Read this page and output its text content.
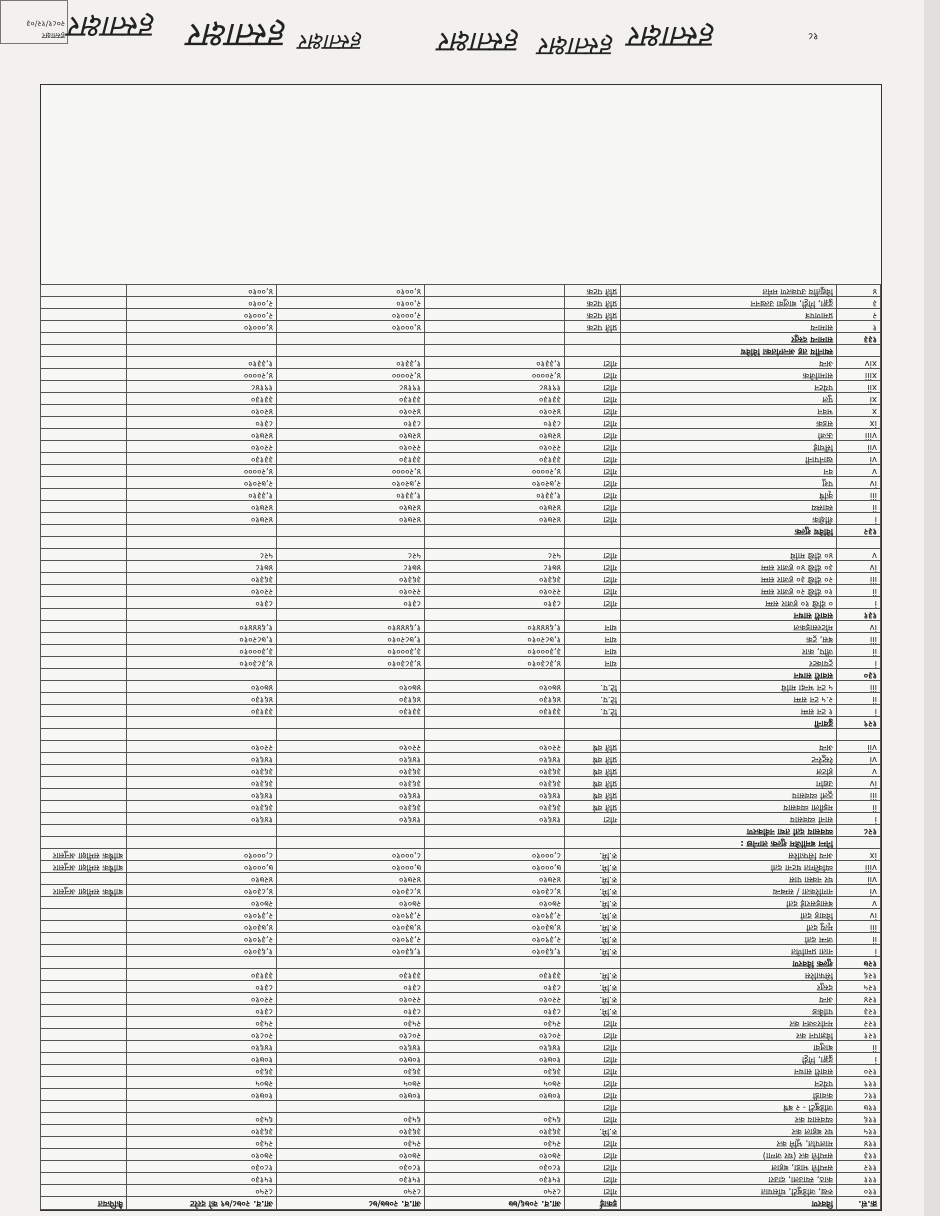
हस्ताक्षर २०८१/१२/०३ हस्ताक्षर हस्ताक्षर हस्ताक्षर	हस्ताक्षर हस्ताक्षर हस्ताक्षर	१८
क्र.सं.	विवरण	इकाई	आ.व. २०७६/७७	आ.व. २०७७/७८	आ.व. २०७८/७९ को दररेट	कैफियत
११०	रुख, जडिबुटी, घाँसपात	गोटा	८२५०	८२५०	८२५०	
१११	काठ, स्याउला, दाउरा	गोटा	१५१३०	१५१३०	१५१३०	
११२	सम्पत्ति भाडा, बहाल	गोटा	१८०३०	१८०३०	१८०३०	
११३	सम्पत्ति कर (घर जग्गा)	गोटा	२७०१०	२७०१०	२७०१०	
११४	मालपोत, भूमि कर	गोटा	२५३०	२५३०	२५३०	
११५	घर बहाल कर	रु.मि.	३६३१०	३६३१०	३६३१०	
११६	व्यवसाय कर	गोटा	६५३०	६५३०	६५३०	
११७	जडिबुटी - २ बर्ष	गोटा				
११८	कवाडी	गोटा	१०७१०	१०७१०	१०७१०	
११९	पर्यटन	गोटा	२७०५	२७०५	२७०५	
१२०	सवारी साधन	गोटा	३६३०	३६३०	३६३०	
i	ढुङ्गा, गिट्टी	गोटा	१०७१०	१०७१०	१०७१०	
ii	बालुवा	गोटा	१४६१०	१४६१०	१४६१०	
१२१	विज्ञापन कर	गोटा	२०८१०	२०८१०	२०८१०	
१२२	मनोरञ्जन कर	गोटा	२५३०	२५३०	२५३०	
१२३	पार्किङ	रु.मि.	८३१०	८३१०	८३१०	
१२४	अन्य	रु.मि.	२२०१०	२२०१०	२२०१०	
१२५	दस्तुर	रु.मि.	८३१०	८३१०	८३१०	
१२६	सिफारिस	रु.मि.	३३१३०	३३१३०	३३१३०	
१२७	शुल्क विवरण					
i	नाता प्रमाणित	रु.मि.	१,६३०१०	१,६३०१०	१,६३०१०	
ii	जन्म दर्ता	रु.मि.	२,३९०१०	२,३९०१०	२,३९०१०	
iii	मृत्यु दर्ता	रु.मि.	४,७३०१०	४,७३०१०	४,७३०१०	
iv	विवाह दर्ता	रु.मि.	२,३९०१०	२,३९०१०	२,३९०१०	
v	बसाइसराई दर्ता	रु.मि.	२७०१०	२७०१०	२७०१०	
vi	नागरिकता / सम्बन्ध	रु.मि.	४,८३०१०	४,८३०१०	४,८३०१०	बार्षिक समीक्षा अनुसार
vii	घर नक्सा पास	रु.मि.	४२७१०	४२७१०	४२७१०	
viii	व्यक्तिगत घटना दर्ता	रु.मि.	७,०००१०	७,०००१०	७,०००१०	बार्षिक समीक्षा अनुसार
ix	अन्य सिफारिस	रु.मि.	८,०००१०	८,०००१०	८,०००१०	बार्षिक समीक्षा अनुसार
	निम्न बमोजिम शुल्क लाग्नेछ :					
१२८	व्यवसाय दर्ता तथा नवीकरण					
i	सानो व्यवसाय	गोटा	१४६१०	१४६१०	१४६१०	
ii	मझौला व्यवसाय	प्रति वर्ष	३६३१०	३६३१०	३६३१०	
iii	ठूलो व्यवसाय	प्रति वर्ष	१४६१०	१४६१०	१४६१०	
iv	उद्योग	प्रति वर्ष	३६३१०	३६३१०	३६३१०	
v	होटल	प्रति वर्ष	३६३१०	३६३१०	३६३१०	
vi	रेस्टुरेन्ट	प्रति वर्ष	१४६१०	१४६१०	१४६१०	
vii	अन्य	प्रति वर्ष	२२०१०	२२०१०	२२०१०	

१२९	ढुवानी					
i	१ टन सम्म	टि.प.	३३१३०	३३१३०	३३१३०	
ii	२.५ टन सम्म	टि.प.	४६१३०	४६१३०	४६१३०	
iii	५ टन भन्दा माथि	टि.प.	४७०१०	४७०१०	४७०१०	
१३०	सवारी साधन					
i	ट्रयाक्टर	थान	४,३८३०१०	४,३८३०१०	४,३८३०१०	
ii	जीप, कार	थान	३,३०००१०	३,३०००१०	३,३०००१०	
iii	बस, ट्रक	थान	१,७८२०१०	१,७८२०१०	१,७८२०१०	
iv	मोटरसाइकल	थान	१,६४४४१०	१,६४४४१०	१,६४४४१०	
१३१	सवारी साधन					
i	० देखि १० हजार सम्म	गोटा	८३१०	८३१०	८३१०	
ii	१० देखि २० हजार सम्म	गोटा	२२०१०	२२०१०	२२०१०	
iii	२० देखि ३० हजार सम्म	गोटा	३६३१०	३६३१०	३६३१०	
iv	३० देखि ४० हजार सम्म	गोटा	४७१८	४७१८	४७१८	
v	४० देखि माथि	गोटा	५२८	५२८	५२८	

१३२	विविध शुल्क					
i	शैक्षिक	गोटा	४२७१०	४२७१०	४२७१०	
ii	स्वास्थ्य	गोटा	४२७१०	४२७१०	४२७१०	
iii	कृषि	गोटा	१,३३१०	१,३३१०	१,३३१०	
iv	पशु	गोटा	२,७२०१०	२,७२०१०	२,७२०१०	
v	वन	गोटा	४,२००००	४,२००००	४,२००००	
vi	खानेपानी	गोटा	३३१३०	३३१३०	३३१३०	
vii	सिँचाई	गोटा	२२०१०	२२०१०	२२०१०	
viii	ऊर्जा	गोटा	४२७१०	४२७१०	४२७१०	
ix	सडक	गोटा	८३१०	८३१०	८३१०	
x	भवन	गोटा	४२०१०	४२०१०	४२०१०	
xi	पुल	गोटा	३३१३०	३३१३०	३३१३०	
xii	पर्यटन	गोटा	१९१४८	१९१४८	१९१४८	
xiii	सामाजिक	गोटा	४,२००००	४,२००००	४,२००००	
xiv	अन्य	गोटा	१,३३१०	१,३३१०	१,३३१०	
	स्थानीय तह अन्तर्गतका विविध					
१३३	सामान्य दस्तुर					
१	सामान्य	प्रति पटक		४,०००१०	४,०००१०	
२	प्रमाणपत्र	प्रति पटक		२,०००१०	२,०००१०	
३	ढुङ्गा, गिट्टी, बालुवा उत्खनन	प्रति पटक		२,००१०	२,००१०	
४	विद्युतीय उपकरण मर्मत	प्रति पटक		४,००१०	४,००१०	
